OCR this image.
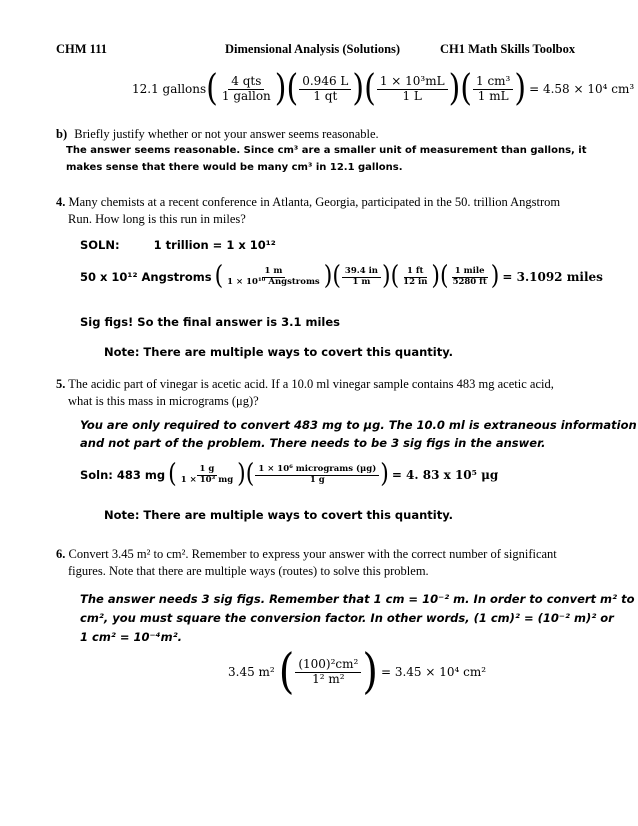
CHM 111	Dimensional Analysis (Solutions)	CH1 Math Skills Toolbox
12.1 gallons ( $\frac{\text{4 qts}}{\text{1 gallon}}$ ) ( $\frac{0.946 L}{1 qt}$ ) ( $\frac{\text{1 × 10³mL}}{1 L}$ ) ( $\frac{\text{1 cm³}}{1 mL}$ ) = 4.58 × 10⁴ cm³
b) Briefly justify whether or not your answer seems reasonable.
The answer seems reasonable. Since cm³ are a smaller unit of measurement than gallons, it
makes sense that there would be many cm³ in 12.1 gallons.
4. Many chemists at a recent conference in Atlanta, Georgia, participated in the 50. trillion Angstrom
Run. How long is this run in miles?
SOLN:	1 trillion = 1 x 10¹²
50 x 10¹² Angstroms ( $\frac{1 m}{\text{1 × 10¹⁰ Angstroms}}$ ) ( $\frac{39.4 in}{1 m}$ ) ( $\frac{1 ft}{12 in}$ ) ( $\frac{\text{1 mile}}{5280 ft}$ ) = 3.1092 miles
Sig figs! So the final answer is 3.1 miles
Note: There are multiple ways to covert this quantity.
5. The acidic part of vinegar is acetic acid. If a 10.0 ml vinegar sample contains 483 mg acetic acid,
what is this mass in micrograms (μg)?
You are only required to convert 483 mg to μg. The 10.0 ml is extraneous information
and not part of the problem. There needs to be 3 sig figs in the answer.
Soln: 483 mg ( $\frac{1 g}{\text{1 × 10³ mg}}$ ) ( $\frac{\text{1 × 10⁶ micrograms (μg)}}{1 g}$ ) = 4. 83 x 10⁵ μg
Note: There are multiple ways to covert this quantity.
6. Convert 3.45 m² to cm². Remember to express your answer with the correct number of significant
figures. Note that there are multiple ways (routes) to solve this problem.
The answer needs 3 sig figs. Remember that 1 cm = 10⁻² m. In order to convert m² to
cm², you must square the conversion factor. In other words, (1 cm)² = (10⁻² m)² or
1 cm² = 10⁻⁴m².
3.45 m² ( $\frac{\text{(100)²cm²}}{\text{1² m²}}$ ) = 3.45 × 10⁴ cm²
